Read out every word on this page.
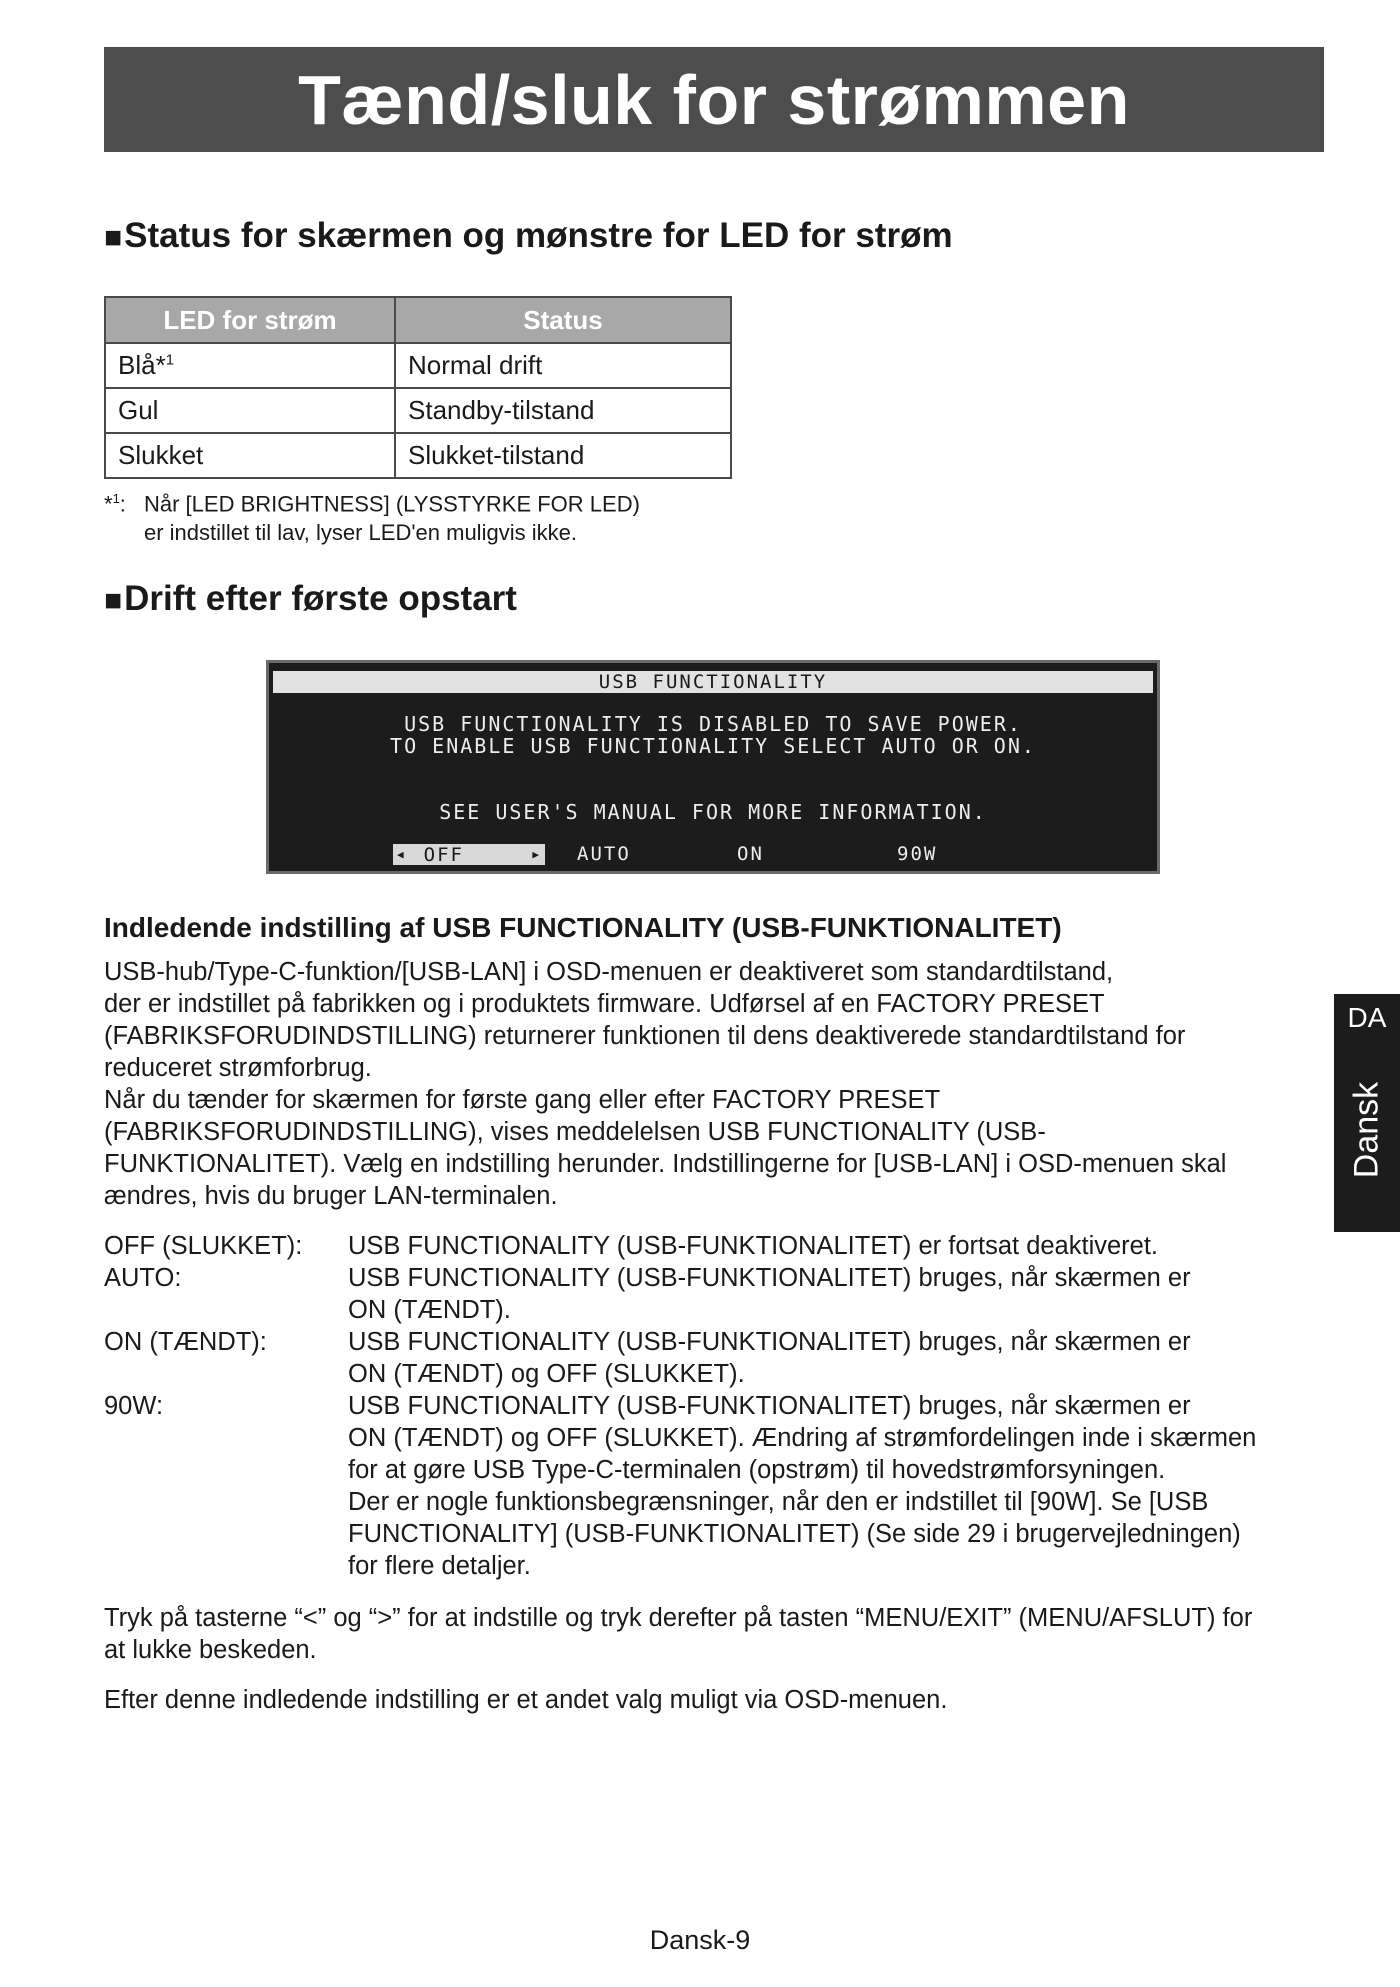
Tænd/sluk for strømmen
■Status for skærmen og mønstre for LED for strøm
LED for strøm	Status
Blå*$^1$	Normal drift
Gul	Standby-tilstand
Slukket	Slukket-tilstand
*$^1$: Når [LED BRIGHTNESS] (LYSSTYRKE FOR LED)
er indstillet til lav, lyser LED'en muligvis ikke.
■Drift efter første opstart
USB FUNCTIONALITY
USB FUNCTIONALITY IS DISABLED TO SAVE POWER.
TO ENABLE USB FUNCTIONALITY SELECT AUTO OR ON.
SEE USER'S MANUAL FOR MORE INFORMATION.
◀ OFF	▶ AUTO	ON	90W
Indledende indstilling af USB FUNCTIONALITY (USB-FUNKTIONALITET)
USB-hub/Type-C-funktion/[USB-LAN] i OSD-menuen er deaktiveret som standardtilstand,
der er indstillet på fabrikken og i produktets firmware. Udførsel af en FACTORY PRESET
(FABRIKSFORUDINDSTILLING) returnerer funktionen til dens deaktiverede standardtilstand for
reduceret strømforbrug.
Når du tænder for skærmen for første gang eller efter FACTORY PRESET
(FABRIKSFORUDINDSTILLING), vises meddelelsen USB FUNCTIONALITY (USB-
FUNKTIONALITET). Vælg en indstilling herunder. Indstillingerne for [USB-LAN] i OSD-menuen skal
ændres, hvis du bruger LAN-terminalen.
OFF (SLUKKET):	USB FUNCTIONALITY (USB-FUNKTIONALITET) er fortsat deaktiveret.
AUTO:	USB FUNCTIONALITY (USB-FUNKTIONALITET) bruges, når skærmen er
ON (TÆNDT).
ON (TÆNDT):	USB FUNCTIONALITY (USB-FUNKTIONALITET) bruges, når skærmen er
ON (TÆNDT) og OFF (SLUKKET).
90W:	USB FUNCTIONALITY (USB-FUNKTIONALITET) bruges, når skærmen er
ON (TÆNDT) og OFF (SLUKKET). Ændring af strømfordelingen inde i skærmen
for at gøre USB Type-C-terminalen (opstrøm) til hovedstrømforsyningen.
Der er nogle funktionsbegrænsninger, når den er indstillet til [90W]. Se [USB
FUNCTIONALITY] (USB-FUNKTIONALITET) (Se side 29 i brugervejledningen)
for flere detaljer.
Tryk på tasterne “<” og “>” for at indstille og tryk derefter på tasten “MENU/EXIT” (MENU/AFSLUT) for
at lukke beskeden.

Efter denne indledende indstilling er et andet valg muligt via OSD-menuen.

DA
Dansk
Dansk-9
